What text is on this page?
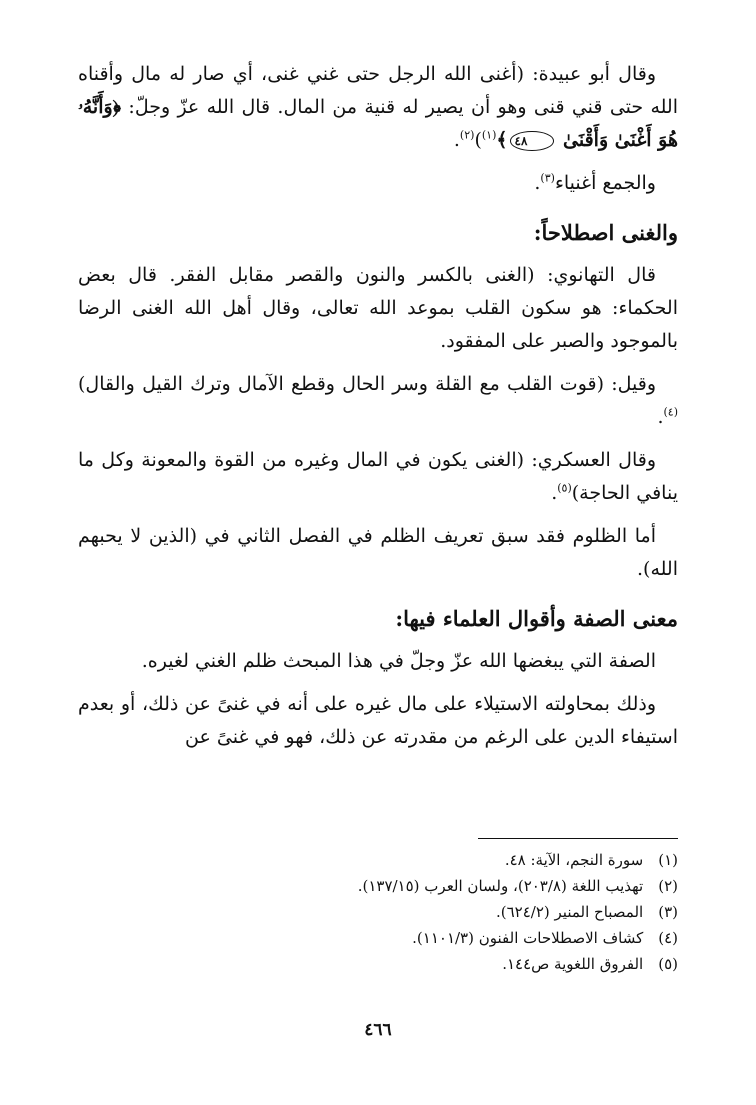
وقال أبو عبيدة: (أغنى الله الرجل حتى غني غنى، أي صار له مال وأقناه الله حتى قني قنى وهو أن يصير له قنية من المال. قال الله عزّ وجلّ: ﴿وَأَنَّهُۥ هُوَ أَغْنَىٰ وَأَقْنَىٰ ٤٨﴾$^{(١)}$)$^{(٢)}$.

والجمع أغنياء$^{(٣)}$.

والغنى اصطلاحاً:

قال التهانوي: (الغنى بالكسر والنون والقصر مقابل الفقر. قال بعض الحكماء: هو سكون القلب بموعد الله تعالى، وقال أهل الله الغنى الرضا بالموجود والصبر على المفقود.

وقيل: (قوت القلب مع القلة وسر الحال وقطع الآمال وترك القيل والقال)$^{(٤)}$.

وقال العسكري: (الغنى يكون في المال وغيره من القوة والمعونة وكل ما ينافي الحاجة)$^{(٥)}$.

أما الظلوم فقد سبق تعريف الظلم في الفصل الثاني في (الذين لا يحبهم الله).

معنى الصفة وأقوال العلماء فيها:

الصفة التي يبغضها الله عزّ وجلّ في هذا المبحث ظلم الغني لغيره.

وذلك بمحاولته الاستيلاء على مال غيره على أنه في غنىً عن ذلك، أو بعدم استيفاء الدين على الرغم من مقدرته عن ذلك، فهو في غنىً عن

(١) سورة النجم، الآية: ٤٨.

(٢) تهذيب اللغة (٢٠٣/٨)، ولسان العرب (١٣٧/١٥).

(٣) المصباح المنير (٦٢٤/٢).

(٤) كشاف الاصطلاحات الفنون (١١٠١/٣).

(٥) الفروق اللغوية ص١٤٤.

٤٦٦
